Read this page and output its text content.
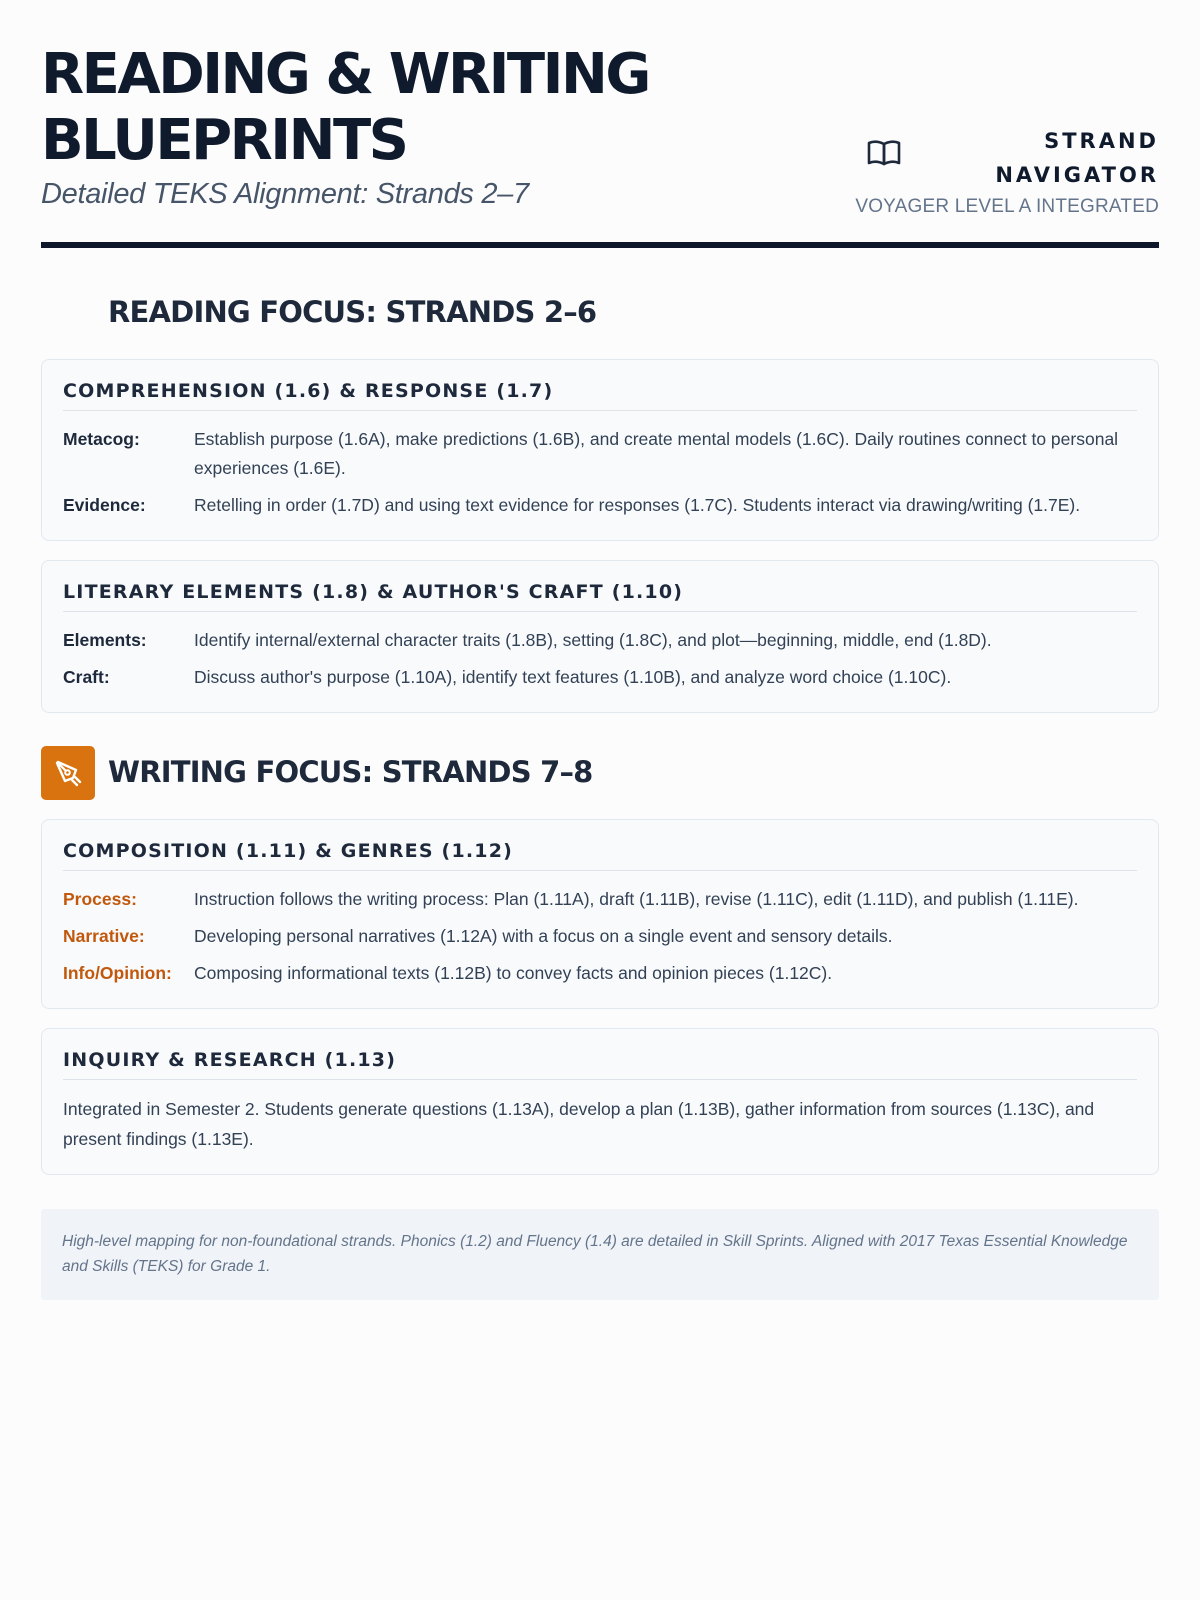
READING & WRITING
BLUEPRINTS
Detailed TEKS Alignment: Strands 2–7
STRAND
NAVIGATOR
VOYAGER LEVEL A INTEGRATED
READING FOCUS: STRANDS 2–6
COMPREHENSION (1.6) & RESPONSE (1.7)
Metacog:	Establish purpose (1.6A), make predictions (1.6B), and create mental models (1.6C). Daily routines connect to personal experiences (1.6E).
Evidence:	Retelling in order (1.7D) and using text evidence for responses (1.7C). Students interact via drawing/writing (1.7E).
LITERARY ELEMENTS (1.8) & AUTHOR'S CRAFT (1.10)
Elements:	Identify internal/external character traits (1.8B), setting (1.8C), and plot—beginning, middle, end (1.8D).
Craft:	Discuss author's purpose (1.10A), identify text features (1.10B), and analyze word choice (1.10C).
WRITING FOCUS: STRANDS 7–8
COMPOSITION (1.11) & GENRES (1.12)
Process:	Instruction follows the writing process: Plan (1.11A), draft (1.11B), revise (1.11C), edit (1.11D), and publish (1.11E).
Narrative:	Developing personal narratives (1.12A) with a focus on a single event and sensory details.
Info/Opinion:	Composing informational texts (1.12B) to convey facts and opinion pieces (1.12C).
INQUIRY & RESEARCH (1.13)
Integrated in Semester 2. Students generate questions (1.13A), develop a plan (1.13B), gather information from sources (1.13C), and present findings (1.13E).
High-level mapping for non-foundational strands. Phonics (1.2) and Fluency (1.4) are detailed in Skill Sprints. Aligned with 2017 Texas Essential Knowledge and Skills (TEKS) for Grade 1.
